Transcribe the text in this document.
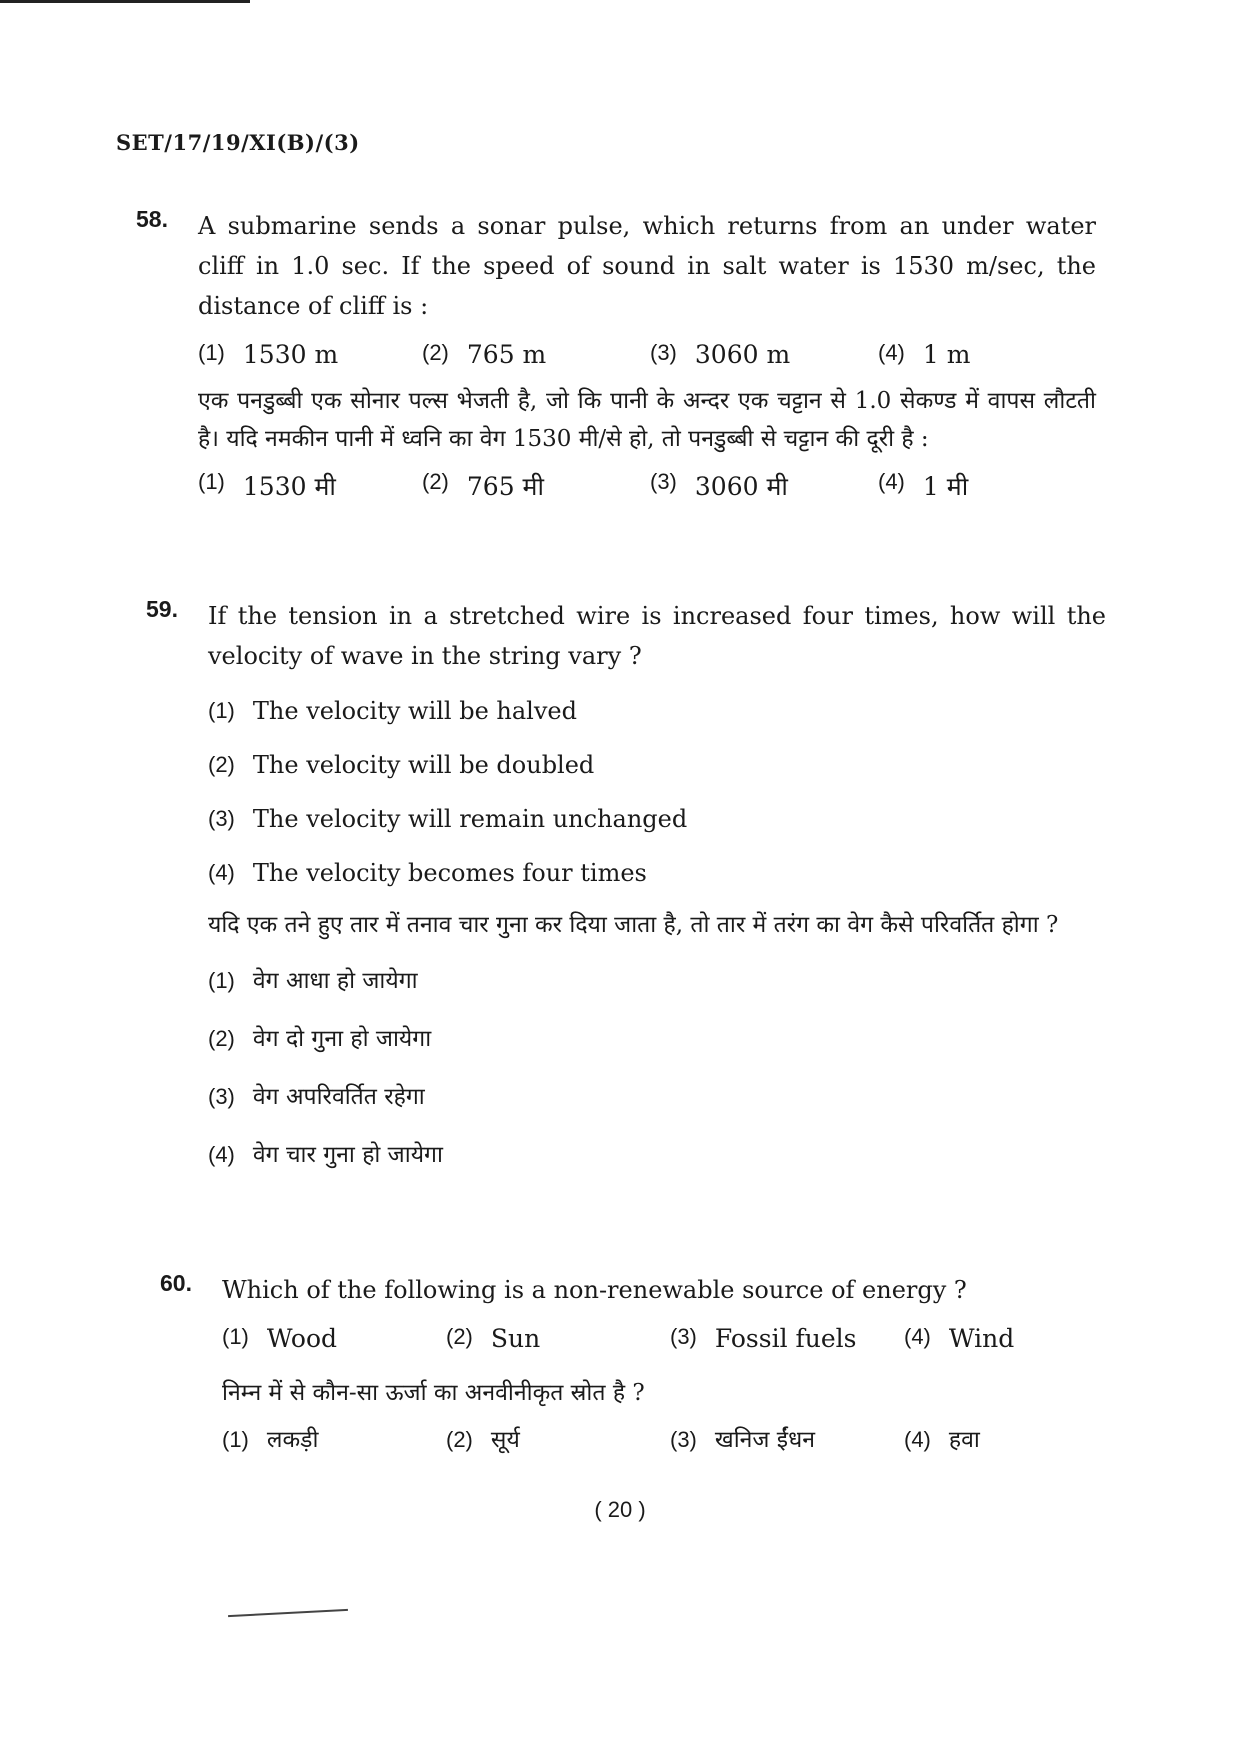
SET/17/19/XI(B)/(3)
58. A submarine sends a sonar pulse, which returns from an under water cliff in 1.0 sec. If the speed of sound in salt water is 1530 m/sec, the distance of cliff is :
(1) 1530 m	(2) 765 m	(3) 3060 m	(4) 1 m
एक पनडुब्बी एक सोनार पल्स भेजती है, जो कि पानी के अन्दर एक चट्टान से 1.0 सेकण्ड में वापस लौटती है। यदि नमकीन पानी में ध्वनि का वेग 1530 मी/से हो, तो पनडुब्बी से चट्टान की दूरी है :
(1) 1530 मी	(2) 765 मी	(3) 3060 मी	(4) 1 मी
59. If the tension in a stretched wire is increased four times, how will the velocity of wave in the string vary ?
(1) The velocity will be halved
(2) The velocity will be doubled
(3) The velocity will remain unchanged
(4) The velocity becomes four times
यदि एक तने हुए तार में तनाव चार गुना कर दिया जाता है, तो तार में तरंग का वेग कैसे परिवर्तित होगा ?
(1) वेग आधा हो जायेगा
(2) वेग दो गुना हो जायेगा
(3) वेग अपरिवर्तित रहेगा
(4) वेग चार गुना हो जायेगा
60. Which of the following is a non-renewable source of energy ?
(1) Wood	(2) Sun	(3) Fossil fuels (4) Wind
निम्न में से कौन-सा ऊर्जा का अनवीनीकृत स्रोत है ?
(1) लकड़ी	(2) सूर्य	(3) खनिज ईंधन	(4) हवा
( 20 )
